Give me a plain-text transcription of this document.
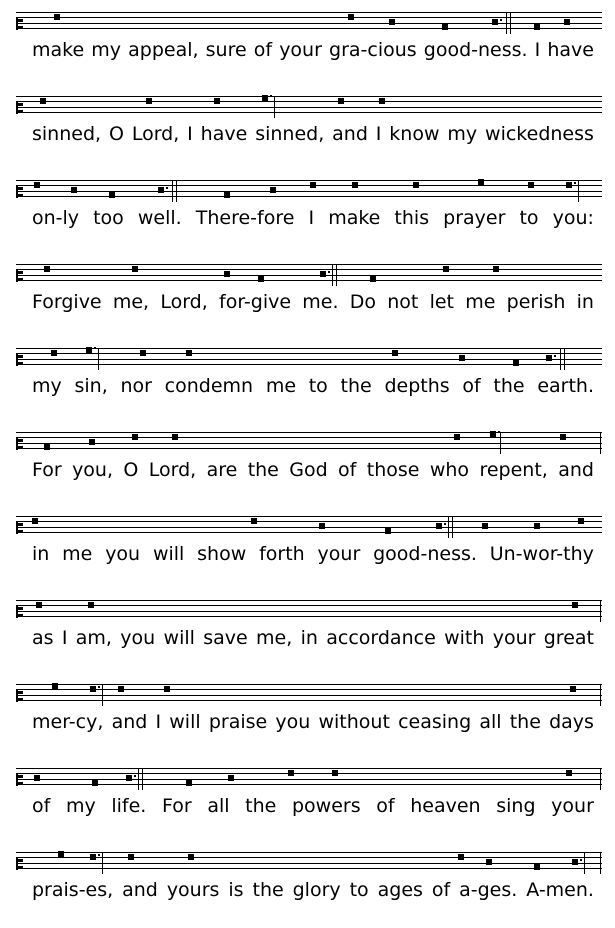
make my appeal, sure of your gra-cious good-ness. I have
sinned, O Lord, I have sinned, and I know my wickedness
on-ly too well. There-fore I make this prayer to you:
Forgive me, Lord, for-give me. Do not let me perish in
my sin, nor condemn me to the depths of the earth.
For you, O Lord, are the God of those who repent, and
in me you will show forth your good-ness. Un-wor-thy
as I am, you will save me, in accordance with your great
mer-cy, and I will praise you without ceasing all the days
of my life. For all the powers of heaven sing your
prais-es, and yours is the glory to ages of a-ges. A-men.
